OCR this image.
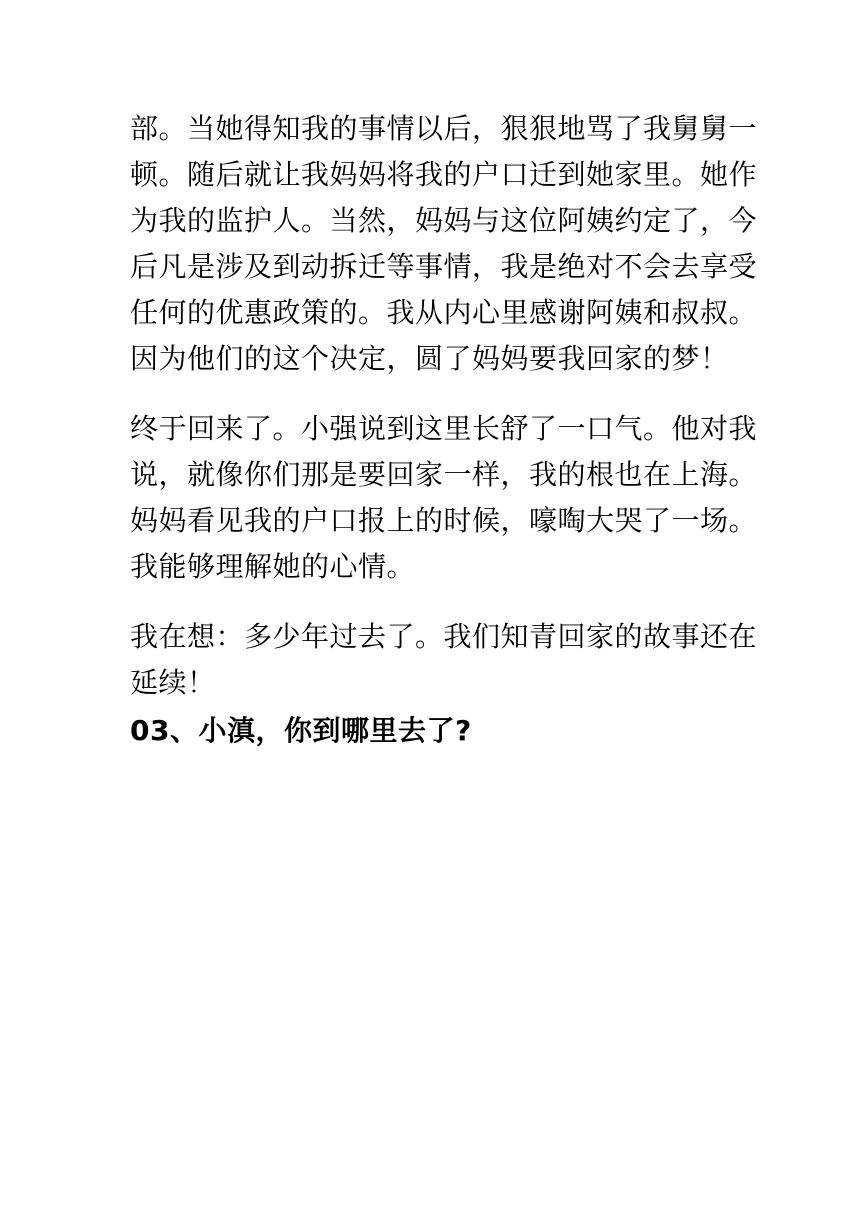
部。当她得知我的事情以后，狠狠地骂了我舅舅一
顿。随后就让我妈妈将我的户口迁到她家里。她作
为我的监护人。当然，妈妈与这位阿姨约定了，今
后凡是涉及到动拆迁等事情，我是绝对不会去享受
任何的优惠政策的。我从内心里感谢阿姨和叔叔。
因为他们的这个决定，圆了妈妈要我回家的梦！

终于回来了。小强说到这里长舒了一口气。他对我
说，就像你们那是要回家一样，我的根也在上海。
妈妈看见我的户口报上的时候，嚎啕大哭了一场。
我能够理解她的心情。

我在想：多少年过去了。我们知青回家的故事还在
延续！

03、小滇，你到哪里去了?
